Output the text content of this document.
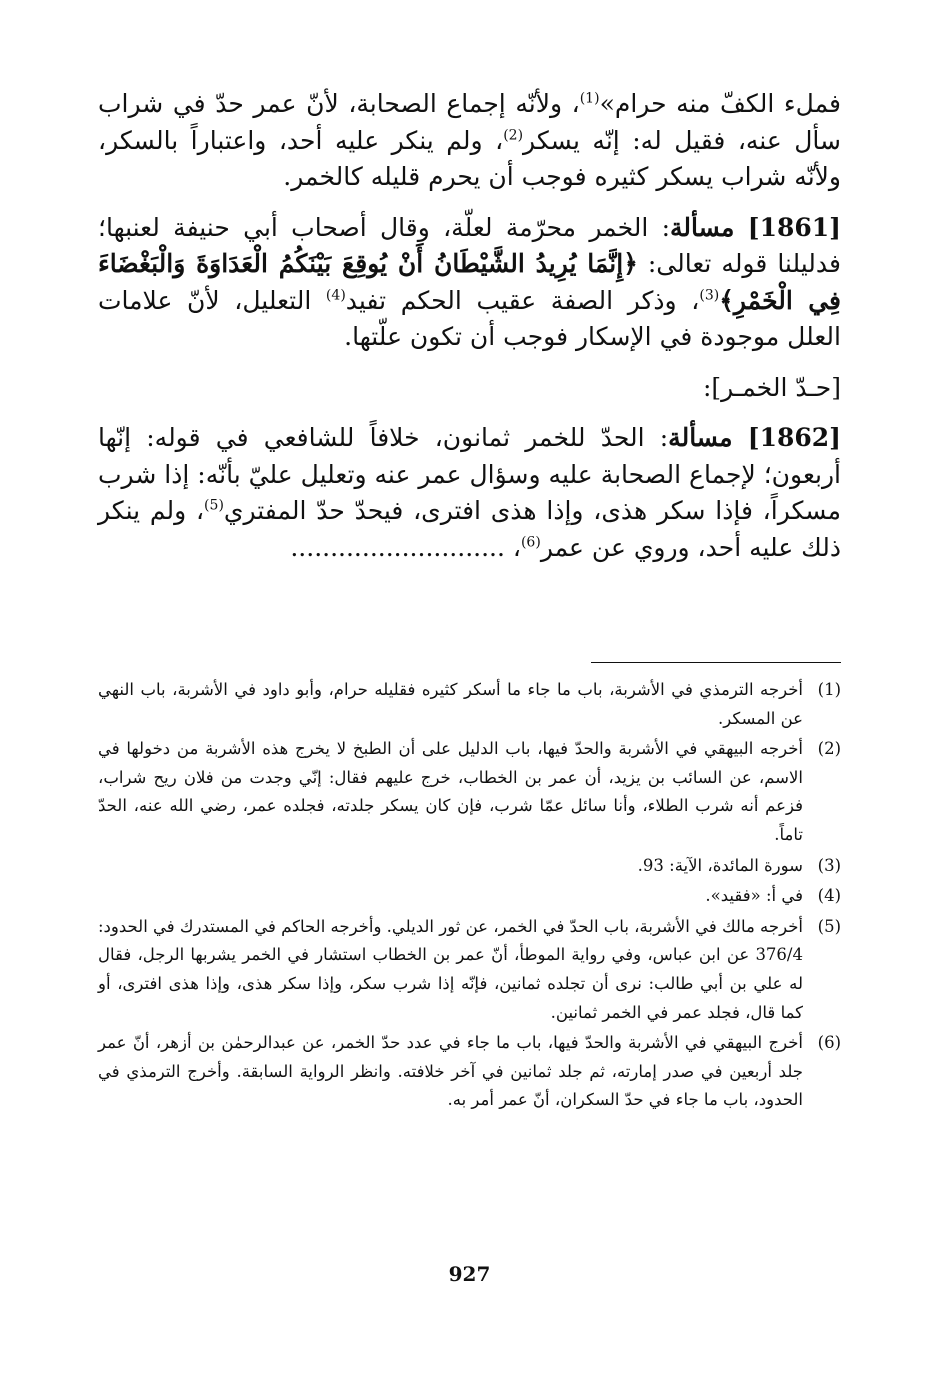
فملء الكفّ منه حرام»$^{(1)}$، ولأنّه إجماع الصحابة، لأنّ عمر حدّ في شراب سأل عنه، فقيل له: إنّه يسكر$^{(2)}$، ولم ينكر عليه أحد، واعتباراً بالسكر، ولأنّه شراب يسكر كثيره فوجب أن يحرم قليله كالخمر.

[1861] مسألة: الخمر محرّمة لعلّة، وقال أصحاب أبي حنيفة لعنبها؛ فدليلنا قوله تعالى: ﴿إِنَّمَا يُرِيدُ الشَّيْطَانُ أَنْ يُوقِعَ بَيْنَكُمُ الْعَدَاوَةَ وَالْبَغْضَاءَ فِي الْخَمْرِ﴾$^{(3)}$، وذكر الصفة عقيب الحكم تفيد$^{(4)}$ التعليل، لأنّ علامات العلل موجودة في الإسكار فوجب أن تكون علّتها.

[حـدّ الخمـر]:

[1862] مسألة: الحدّ للخمر ثمانون، خلافاً للشافعي في قوله: إنّها أربعون؛ لإجماع الصحابة عليه وسؤال عمر عنه وتعليل عليّ بأنّه: إذا شرب مسكراً، فإذا سكر هذى، وإذا هذى افترى، فيحدّ حدّ المفتري$^{(5)}$، ولم ينكر ذلك عليه أحد، وروي عن عمر$^{(6)}$، ...........................

(1)
أخرجه الترمذي في الأشربة، باب ما جاء ما أسكر كثيره فقليله حرام، وأبو داود في الأشربة، باب النهي عن المسكر.
(2)
أخرجه البيهقي في الأشربة والحدّ فيها، باب الدليل على أن الطبخ لا يخرج هذه الأشربة من دخولها في الاسم، عن السائب بن يزيد، أن عمر بن الخطاب، خرج عليهم فقال: إنّي وجدت من فلان ريح شراب، فزعم أنه شرب الطلاء، وأنا سائل عمّا شرب، فإن كان يسكر جلدته، فجلده عمر، رضي الله عنه، الحدّ تاماً.
(3)
سورة المائدة، الآية: 93.
(4)
في أ: «فقيد».
(5)
أخرجه مالك في الأشربة، باب الحدّ في الخمر، عن ثور الديلي. وأخرجه الحاكم في المستدرك في الحدود: 376/4 عن ابن عباس، وفي رواية الموطأ، أنّ عمر بن الخطاب استشار في الخمر يشربها الرجل، فقال له علي بن أبي طالب: نرى أن تجلده ثمانين، فإنّه إذا شرب سكر، وإذا سكر هذى، وإذا هذى افترى، أو كما قال، فجلد عمر في الخمر ثمانين.
(6)
أخرج البيهقي في الأشربة والحدّ فيها، باب ما جاء في عدد حدّ الخمر، عن عبدالرحمٰن بن أزهر، أنّ عمر جلد أربعين في صدر إمارته، ثم جلد ثمانين في آخر خلافته. وانظر الرواية السابقة. وأخرج الترمذي في الحدود، باب ما جاء في حدّ السكران، أنّ عمر أمر به.
927
